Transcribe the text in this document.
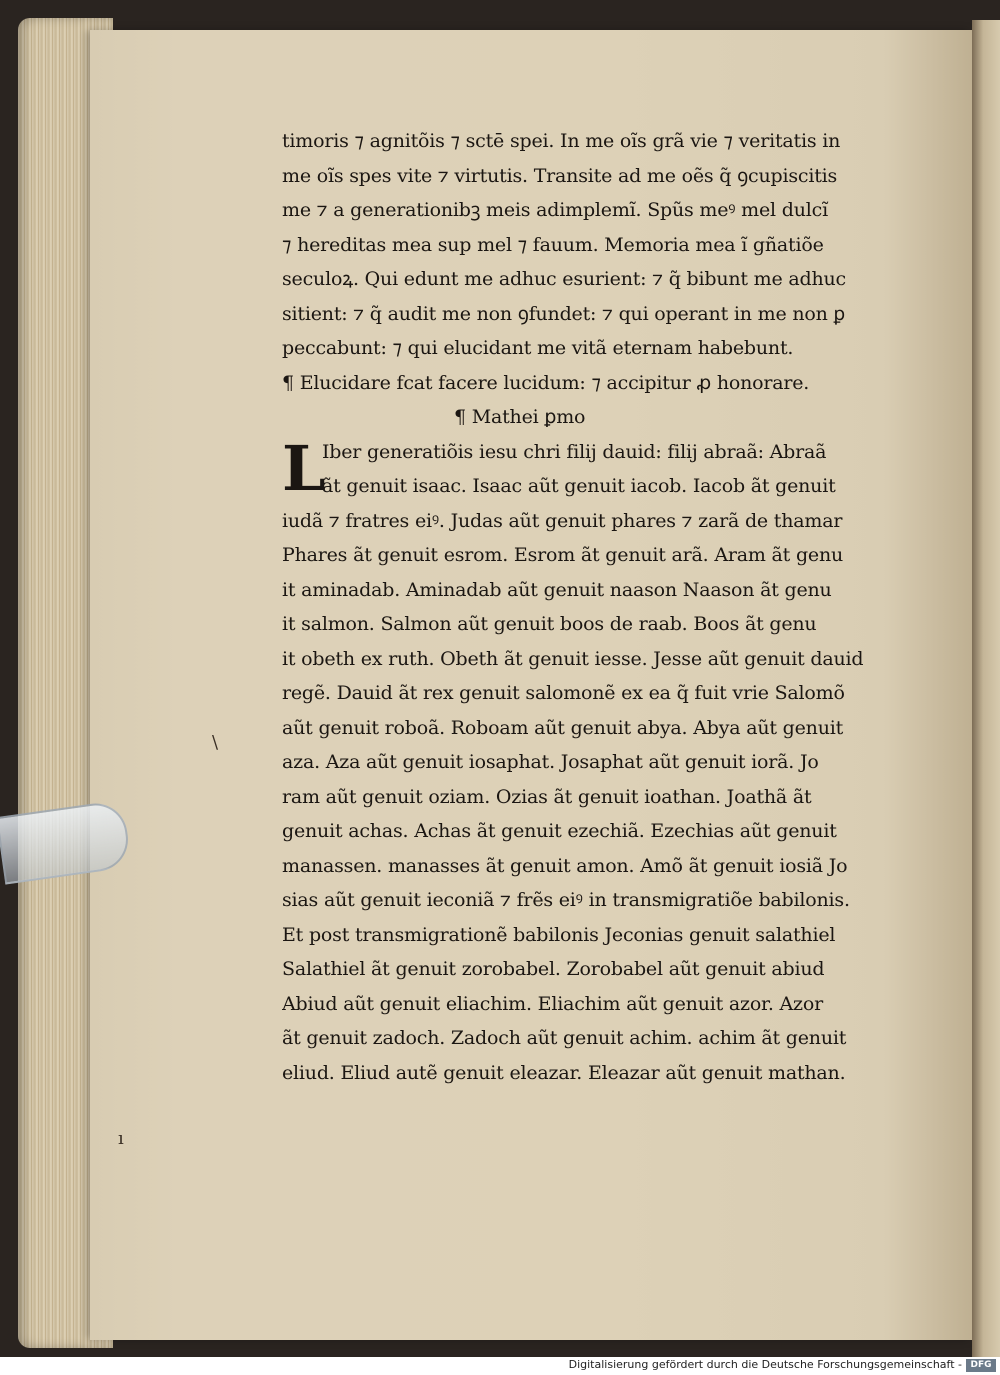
\
ı
timoris ⁊ agnitõis ⁊ sctē spei. In me oĩs grã vie ⁊ veritatis in
me oĩs spes vite ⁊ virtutis. Transite ad me oẽs q̃ ꝯcupiscitis
me ⁊ a generationibꝫ meis adimplemĩ. Spũs meꝰ mel dulcĩ
⁊ hereditas mea sup mel ⁊ fauum. Memoria mea ĩ gñatiõe
seculoꝝ. Qui edunt me adhuc esurient: ⁊ q̃ bibunt me adhuc
sitient: ⁊ q̃ audit me non ꝯfundet: ⁊ qui operant in me non ꝑ
peccabunt: ⁊ qui elucidant me vitã eternam habebunt.
¶ Elucidare fcat facere lucidum: ⁊ accipitur ꝓ honorare.
¶ Mathei ꝑmo
L
Iber generatiõis iesu chri filij dauid: filij abraã: Abraã
ãt genuit isaac. Isaac aũt genuit iacob. Iacob ãt genuit
iudã ⁊ fratres eiꝰ. Judas aũt genuit phares ⁊ zarã de thamar
Phares ãt genuit esrom. Esrom ãt genuit arã. Aram ãt genu
it aminadab. Aminadab aũt genuit naason Naason ãt genu
it salmon. Salmon aũt genuit boos de raab. Boos ãt genu
it obeth ex ruth. Obeth ãt genuit iesse. Jesse aũt genuit dauid
regẽ. Dauid ãt rex genuit salomonẽ ex ea q̃ fuit vrie Salomõ
aũt genuit roboã. Roboam aũt genuit abya. Abya aũt genuit
aza. Aza aũt genuit iosaphat. Josaphat aũt genuit iorã. Jo
ram aũt genuit oziam. Ozias ãt genuit ioathan. Joathã ãt
genuit achas. Achas ãt genuit ezechiã. Ezechias aũt genuit
manassen. manasses ãt genuit amon. Amõ ãt genuit iosiã Jo
sias aũt genuit ieconiã ⁊ frẽs eiꝰ in transmigratiõe babilonis.
Et post transmigrationẽ babilonis Jeconias genuit salathiel
Salathiel ãt genuit zorobabel. Zorobabel aũt genuit abiud
Abiud aũt genuit eliachim. Eliachim aũt genuit azor. Azor
ãt genuit zadoch. Zadoch aũt genuit achim. achim ãt genuit
eliud. Eliud autẽ genuit eleazar. Eleazar aũt genuit mathan.
Digitalisierung gefördert durch die Deutsche Forschungsgemeinschaft - DFG
